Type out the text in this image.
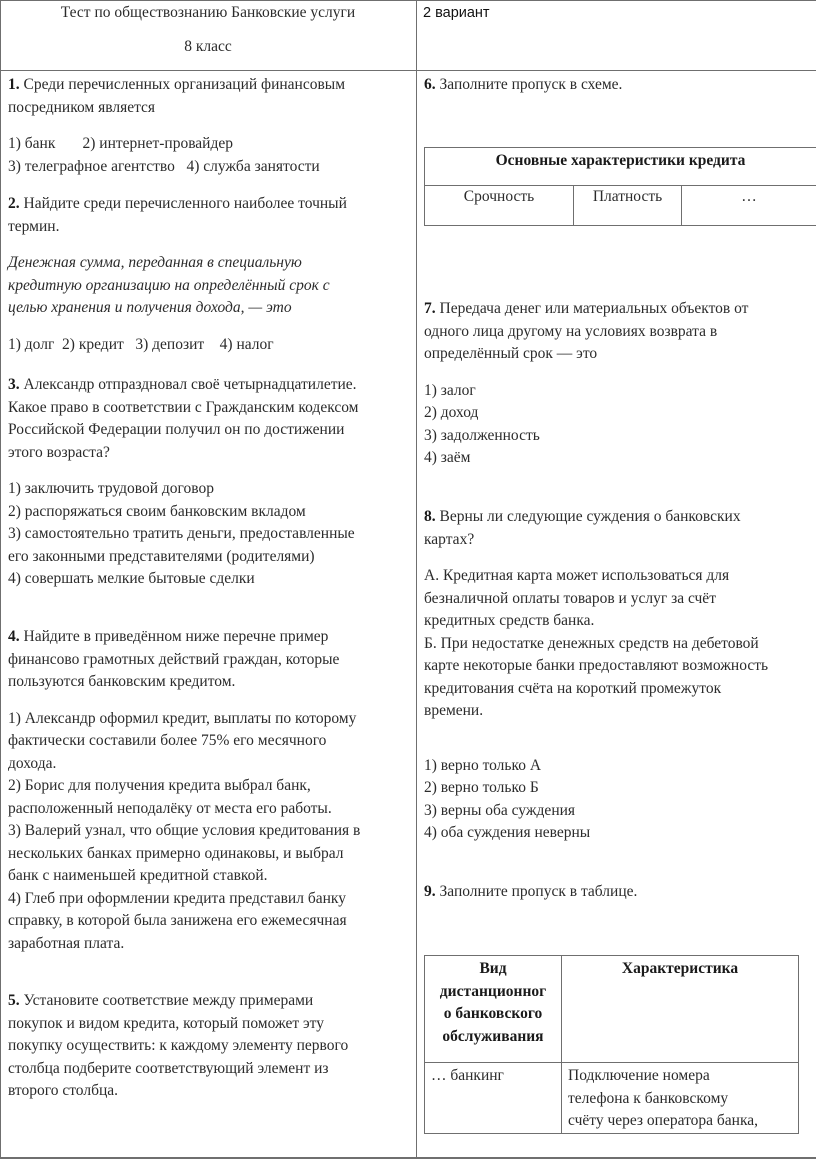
Тест по обществознанию Банковские услуги
8 класс
2 вариант
1. Среди перечисленных организаций финансовым
посредником является
1) банк       2) интернет-провайдер
3) телеграфное агентство   4) служба занятости
2. Найдите среди перечисленного наиболее точный
термин.
Денежная сумма, переданная в специальную
кредитную организацию на определённый срок с
целью хранения и получения дохода, — это
1) долг  2) кредит   3) депозит    4) налог
3. Александр отпраздновал своё четырнадцатилетие.
Какое право в соответствии с Гражданским кодексом
Российской Федерации получил он по достижении
этого возраста?
1) заключить трудовой договор
2) распоряжаться своим банковским вкладом
3) самостоятельно тратить деньги, предоставленные
его законными представителями (родителями)
4) совершать мелкие бытовые сделки
4. Найдите в приведённом ниже перечне пример
финансово грамотных действий граждан, которые
пользуются банковским кредитом.
1) Александр оформил кредит, выплаты по которому
фактически составили более 75% его месячного
дохода.
2) Борис для получения кредита выбрал банк,
расположенный неподалёку от места его работы.
3) Валерий узнал, что общие условия кредитования в
нескольких банках примерно одинаковы, и выбрал
банк с наименьшей кредитной ставкой.
4) Глеб при оформлении кредита представил банку
справку, в которой была занижена его ежемесячная
заработная плата.
5. Установите соответствие между примерами
покупок и видом кредита, который поможет эту
покупку осуществить: к каждому элементу первого
столбца подберите соответствующий элемент из
второго столбца.
6. Заполните пропуск в схеме.
Основные характеристики кредита
Срочность	Платность	…
7. Передача денег или материальных объектов от
одного лица другому на условиях возврата в
определённый срок — это
1) залог
2) доход
3) задолженность
4) заём
8. Верны ли следующие суждения о банковских
картах?
А. Кредитная карта может использоваться для
безналичной оплаты товаров и услуг за счёт
кредитных средств банка.
Б. При недостатке денежных средств на дебетовой
карте некоторые банки предоставляют возможность
кредитования счёта на короткий промежуток
времени.
1) верно только А
2) верно только Б
3) верны оба суждения
4) оба суждения неверны
9. Заполните пропуск в таблице.
Вид
дистанционног
о банковского
обслуживания	Характеристика
… банкинг	Подключение номера
телефона к банковскому
счёту через оператора банка,
